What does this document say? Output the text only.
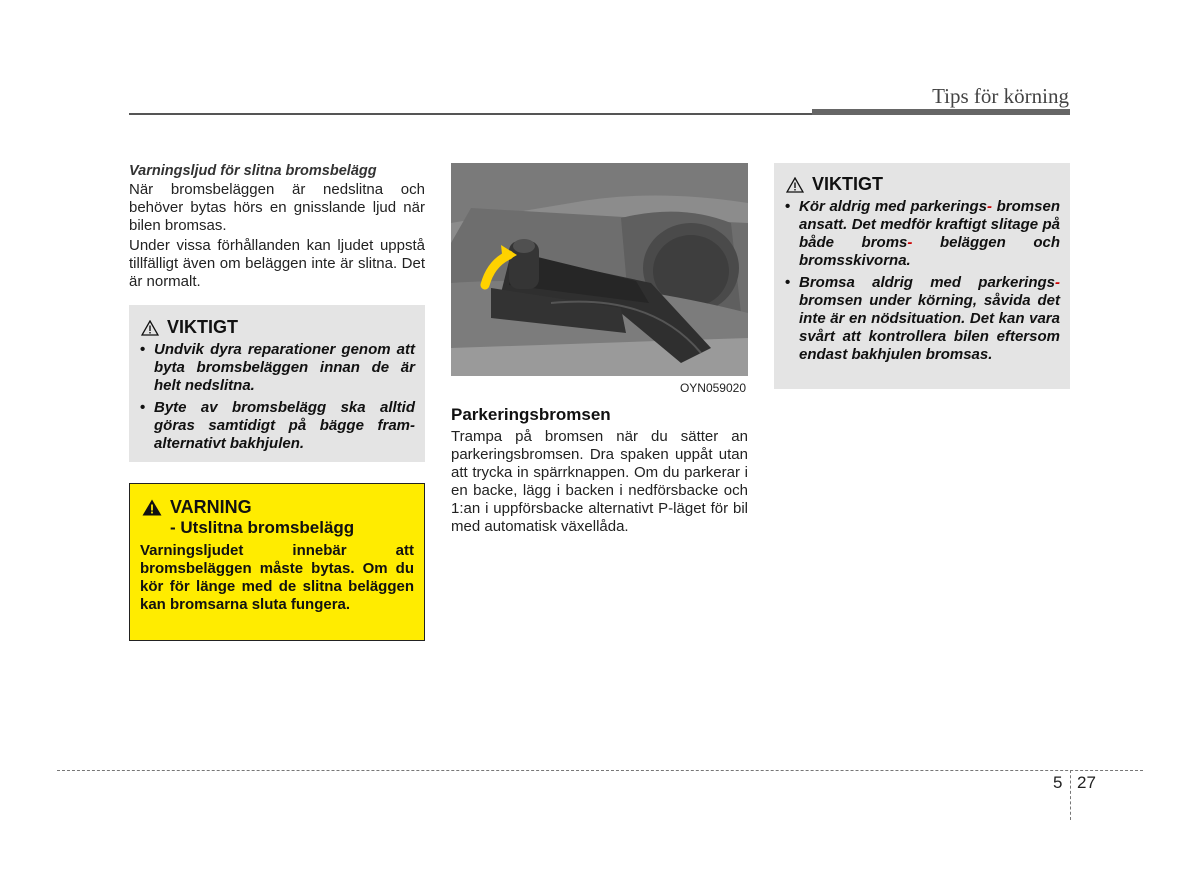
Tips för körning

Varningsljud för slitna bromsbelägg

När bromsbeläggen är nedslitna och behöver bytas hörs en gnisslande ljud när bilen bromsas.

Under vissa förhållanden kan ljudet uppstå tillfälligt även om beläggen inte är slitna. Det är normalt.

VIKTIGT
• Undvik dyra reparationer genom att byta bromsbeläggen innan de är helt nedslitna.
• Byte av bromsbelägg ska alltid göras samtidigt på bägge fram-alternativt bakhjulen.
VARNING
- Utslitna bromsbelägg

Varningsljudet innebär att bromsbeläggen måste bytas. Om du kör för länge med de slitna beläggen kan bromsarna sluta fungera.

OYN059020
Parkeringsbromsen

Trampa på bromsen när du sätter an parkeringsbromsen. Dra spaken uppåt utan att trycka in spärrknappen. Om du parkerar i en backe, lägg i backen i nedförsbacke och 1:an i uppförsbacke alternativt P-läget för bil med automatisk växellåda.

VIKTIGT
• Kör aldrig med parkerings- bromsen ansatt. Det medför kraftigt slitage på både broms- beläggen och bromsskivorna.
• Bromsa aldrig med parkerings- bromsen under körning, såvida det inte är en nödsituation. Det kan vara svårt att kontrollera bilen eftersom endast bakhjulen bromsas.
5 27
